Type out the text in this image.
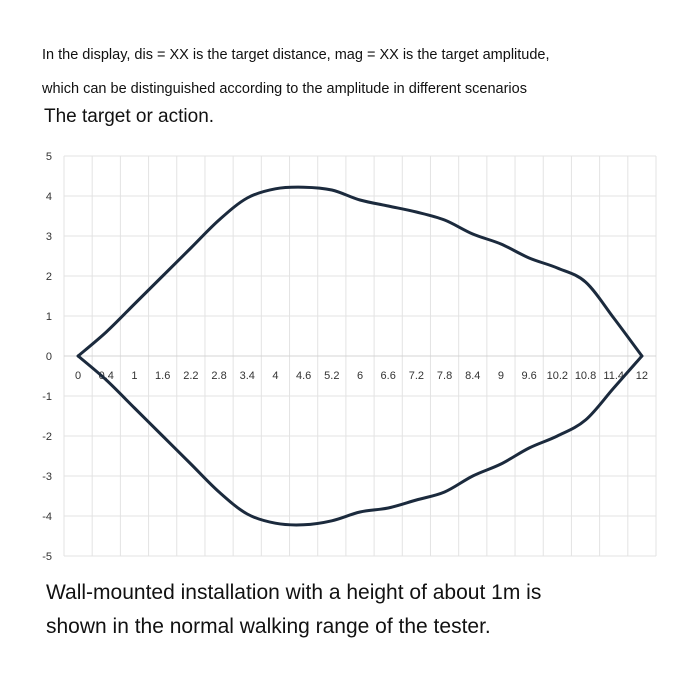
In the display, dis = XX is the target distance, mag = XX is the target amplitude,
which can be distinguished according to the amplitude in different scenarios
The target or action.
5
4
3
2
1
0
-1
-2
-3
-4
-5
0 0.4 1 1.6 2.2 2.8 3.4 4 4.6 5.2 6 6.6 7.2 7.8 8.4 9 9.6 10.2 10.8 11.4 12
Wall-mounted installation with a height of about 1m is
shown in the normal walking range of the tester.
